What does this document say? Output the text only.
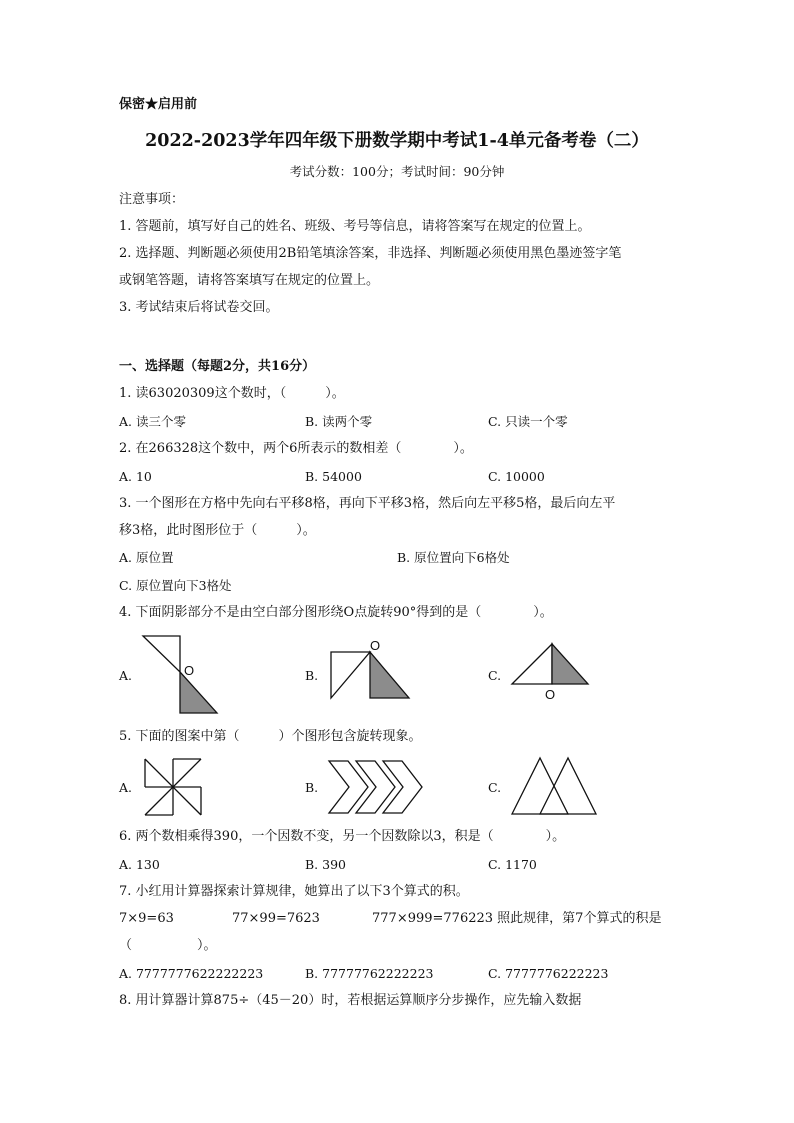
保密★启用前
2022-2023学年四年级下册数学期中考试1-4单元备考卷（二）
考试分数：100分；考试时间：90分钟
注意事项：
1. 答题前，填写好自己的姓名、班级、考号等信息，请将答案写在规定的位置上。
2. 选择题、判断题必须使用2B铅笔填涂答案，非选择、判断题必须使用黑色墨迹签字笔
或钢笔答题，请将答案填写在规定的位置上。
3. 考试结束后将试卷交回。
一、选择题（每题2分，共16分）
1. 读63020309这个数时，（　　　）。
A. 读三个零	B. 读两个零	C. 只读一个零
2. 在266328这个数中，两个6所表示的数相差（　　　　）。
A. 10	B. 54000	C. 10000
3. 一个图形在方格中先向右平移8格，再向下平移3格，然后向左平移5格，最后向左平
移3格，此时图形位于（　　　）。
A. 原位置	B. 原位置向下6格处
C. 原位置向下3格处
4. 下面阴影部分不是由空白部分图形绕O点旋转90°得到的是（　　　　）。
A.	B.	C.
O
O
O
5. 下面的图案中第（　　　）个图形包含旋转现象。
A.	B.	C.
6. 两个数相乘得390，一个因数不变，另一个因数除以3，积是（　　　　）。
A. 130	B. 390	C. 1170
7. 小红用计算器探索计算规律，她算出了以下3个算式的积。
7×9=63	77×99=7623	777×999=776223 照此规律，第7个算式的积是
（　　　　　）。
A. 7777777622222223	B. 77777762222223	C. 7777776222223
8. 用计算器计算875÷（45－20）时，若根据运算顺序分步操作，应先输入数据
